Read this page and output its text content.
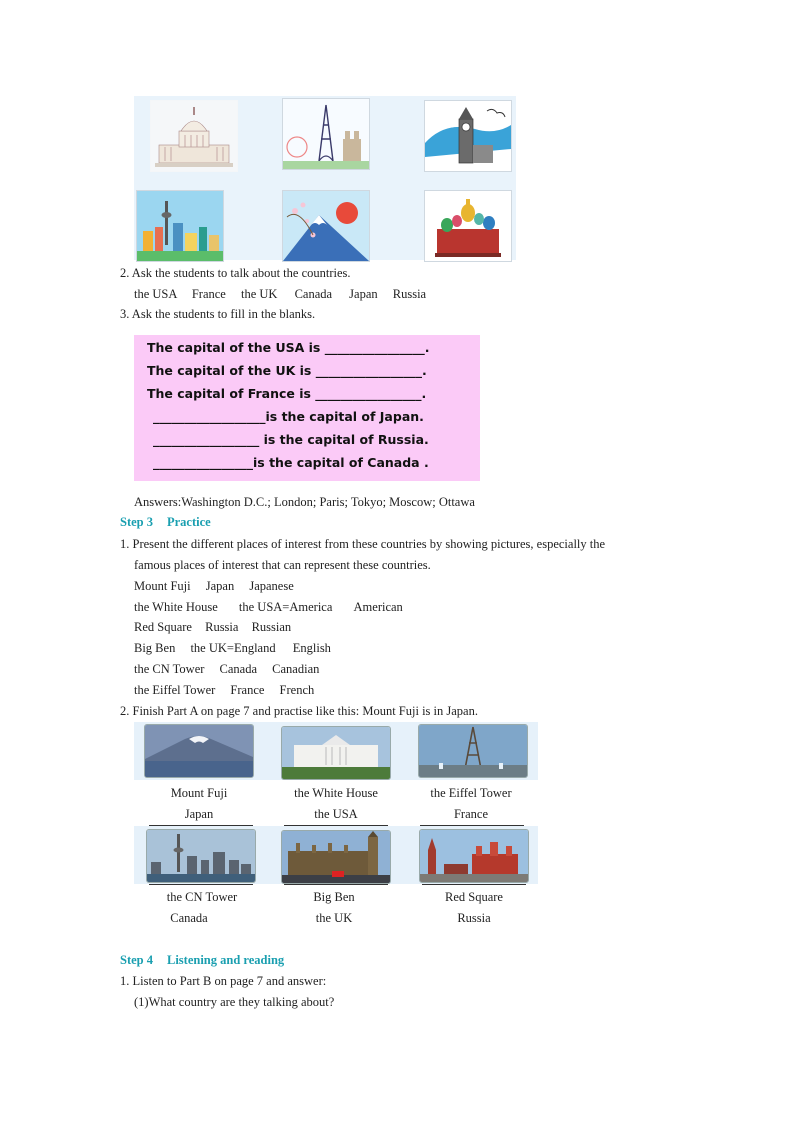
2. Ask the students to talk about the countries.
the USA France the UK Canada Japan Russia
3. Ask the students to fill in the blanks.
The capital of the USA is ________________.
The capital of the UK is _________________.
The capital of France is _________________.
__________________is the capital of Japan.
_________________ is the capital of Russia.
________________is the capital of Canada .
Answers:Washington D.C.; London; Paris; Tokyo; Moscow; Ottawa
Step 3 Practice
1. Present the different places of interest from these countries by showing pictures, especially the
famous places of interest that can represent these countries.
Mount Fuji Japan Japanese
the White House the USA=America American
Red Square Russia Russian
Big Ben the UK=England English
the CN Tower Canada Canadian
the Eiffel Tower France French
2. Finish Part A on page 7 and practise like this: Mount Fuji is in Japan.
Mount Fuji
Japan
the White House
the USA
the Eiffel Tower
France
the CN Tower
Canada
Big Ben
the UK
Red Square
Russia
Step 4 Listening and reading
1. Listen to Part B on page 7 and answer:
(1)What country are they talking about?
